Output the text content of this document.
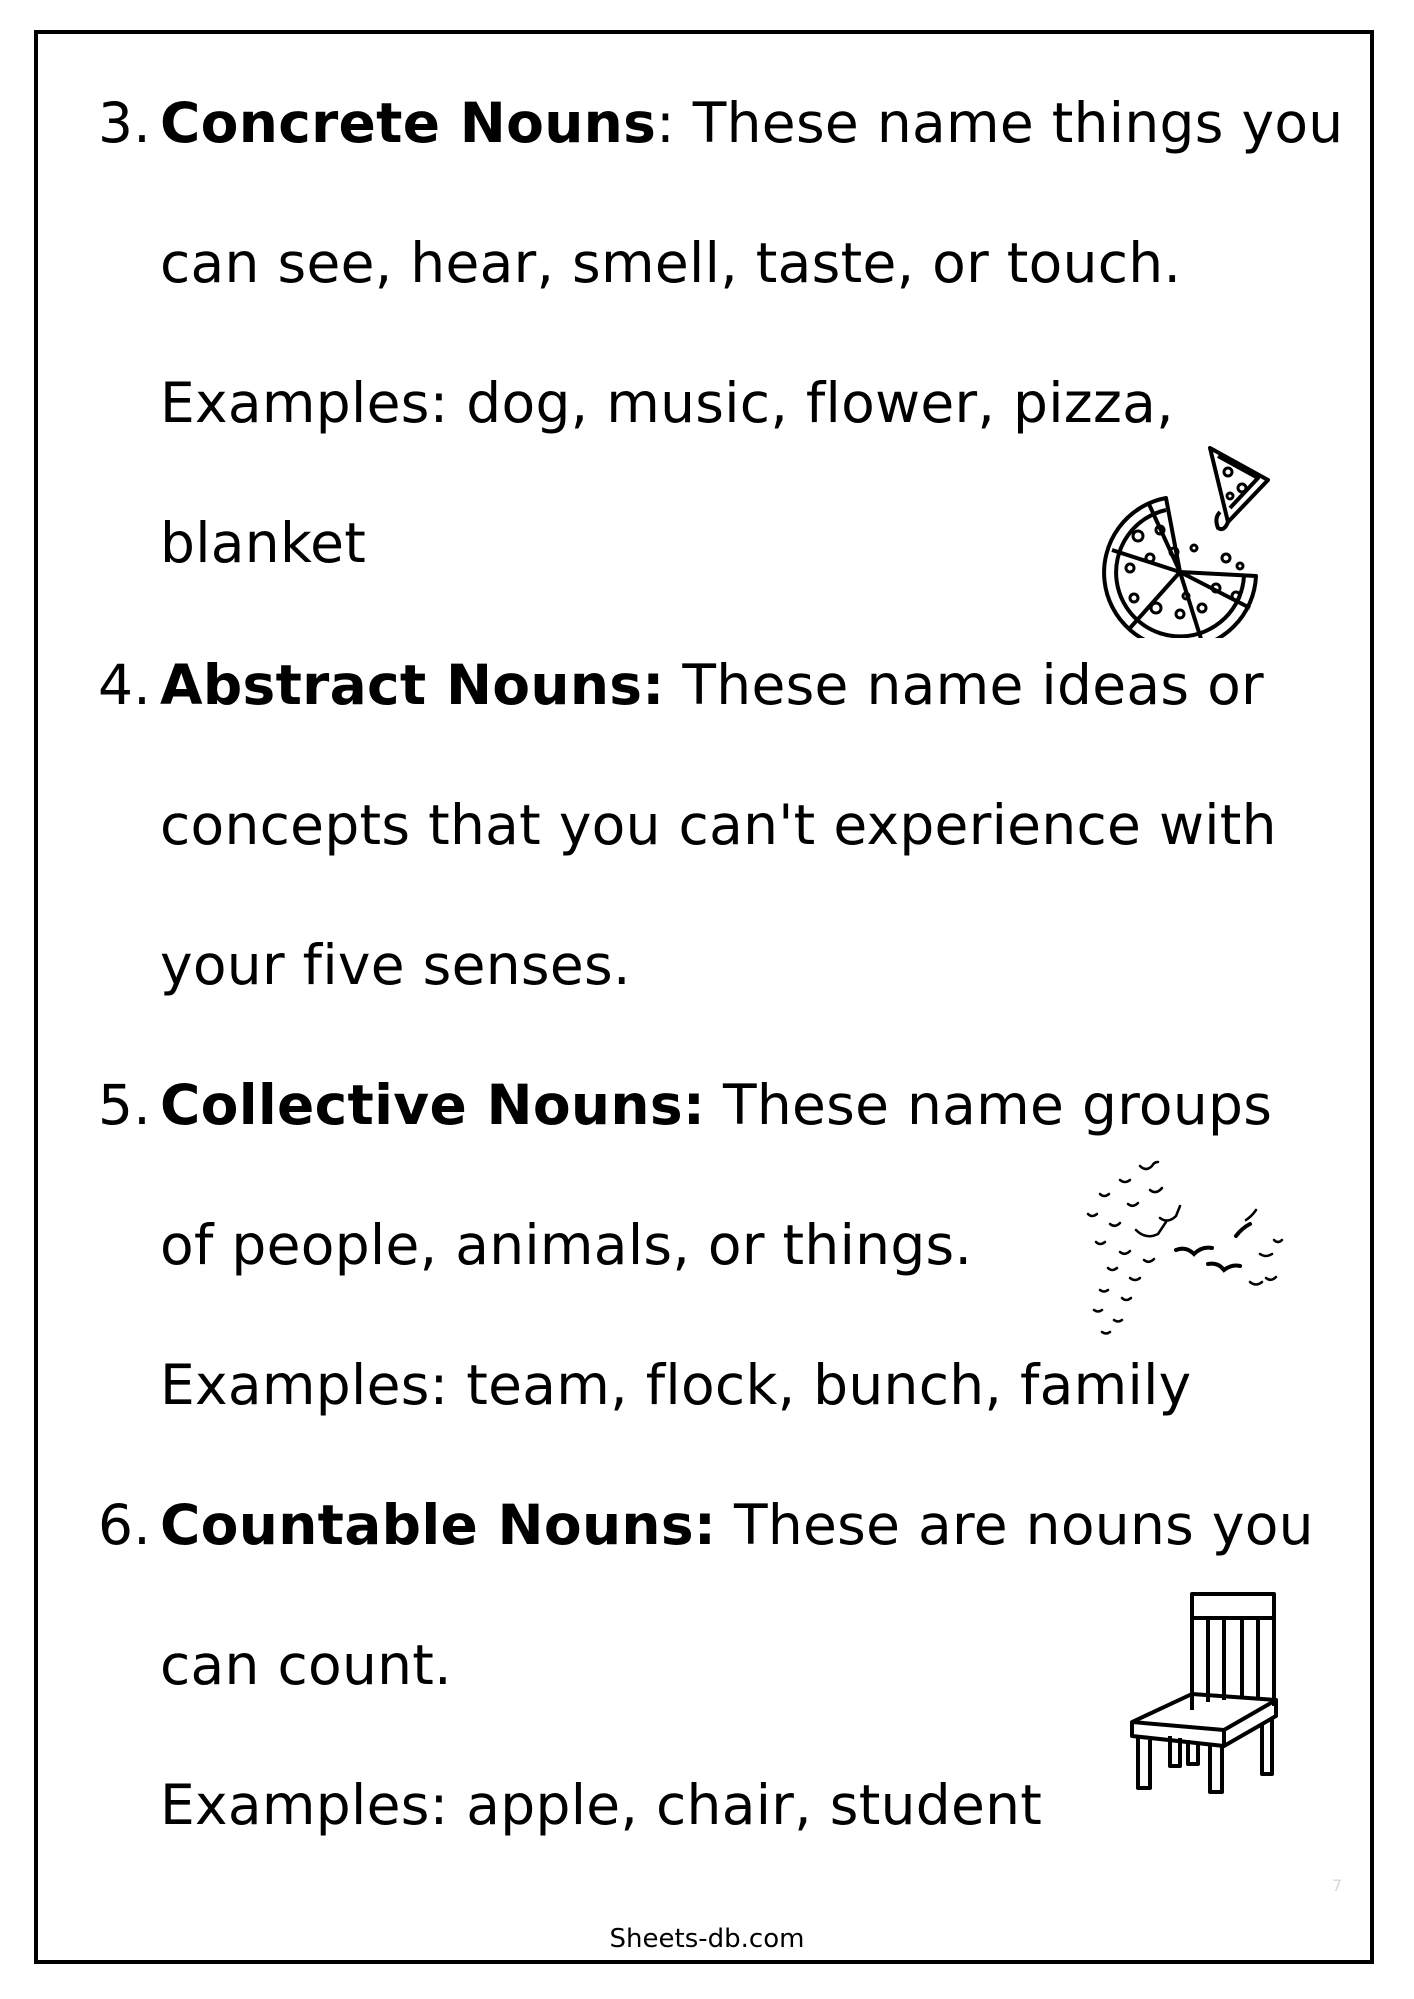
3. Concrete Nouns: These name things you
can see, hear, smell, taste, or touch.
Examples: dog, music, flower, pizza,
blanket
4. Abstract Nouns: These name ideas or
concepts that you can't experience with
your five senses.
5. Collective Nouns: These name groups
of people, animals, or things.
Examples: team, flock, bunch, family
6. Countable Nouns: These are nouns you
can count.
Examples: apple, chair, student
7
Sheets-db.com
